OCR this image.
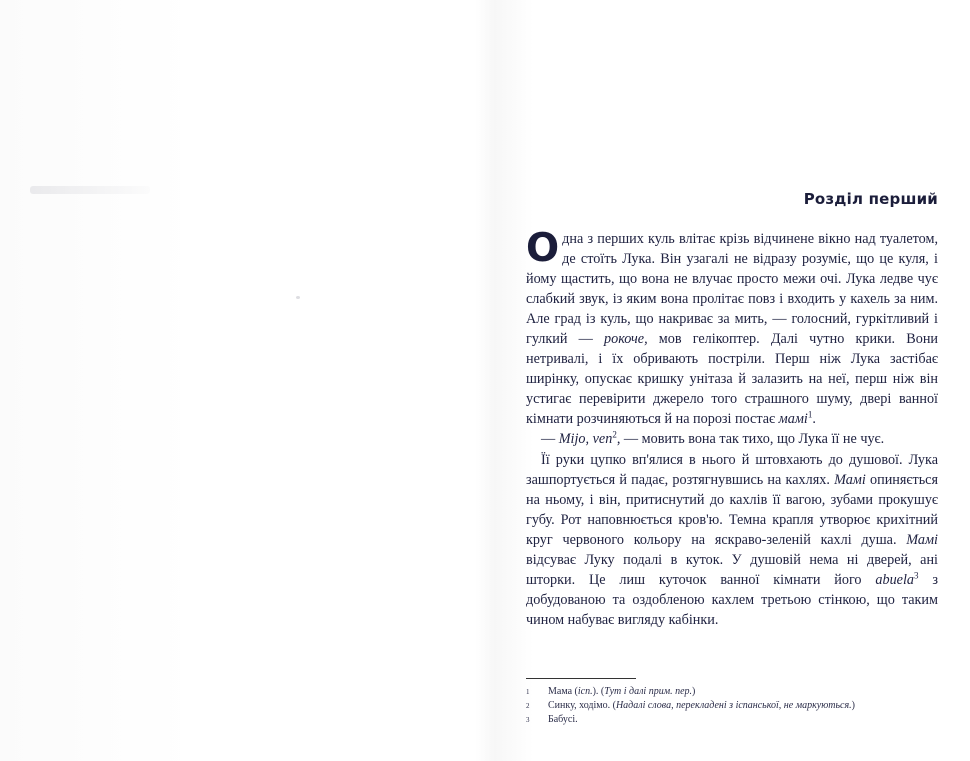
Розділ перший

О дна з перших куль влітає крізь відчинене вікно над туалетом, де стоїть Лука. Він узагалі не відразу розуміє, що це куля, і йому щастить, що вона не влучає просто межи очі. Лука ледве чує слабкий звук, із яким вона пролітає повз і входить у кахель за ним. Але град із куль, що накриває за мить, — голосний, гуркітливий і гулкий — рокоче, мов гелікоптер. Далі чутно крики. Вони нетривалі, і їх обривають постріли. Перш ніж Лука застібає ширінку, опускає кришку унітаза й залазить на неї, перш ніж він устигає перевірити джерело того страшного шуму, двері ванної кімнати розчиняються й на порозі постає мамі$^1$.

— Mijo, ven$^2$, — мовить вона так тихо, що Лука її не чує.

Її руки цупко вп'ялися в нього й штовхають до душової. Лука зашпортується й падає, розтягнувшись на кахлях. Мамі опиняється на ньому, і він, притиснутий до кахлів її вагою, зубами прокушує губу. Рот наповнюється кров'ю. Темна крапля утворює крихітний круг червоного кольору на яскраво-зеленій кахлі душа. Мамі відсуває Луку подалі в куток. У душовій нема ні дверей, ані шторки. Це лиш куточок ванної кімнати його abuela$^3$ з добудованою та оздобленою кахлем третьою стінкою, що таким чином набуває вигляду кабінки.

1	Мама (icn.). (Тут і далі прим. пер.)
2	Синку, ходімо. (Надалі слова, перекладені з іспанської, не маркуються.)
3	Бабусі.
